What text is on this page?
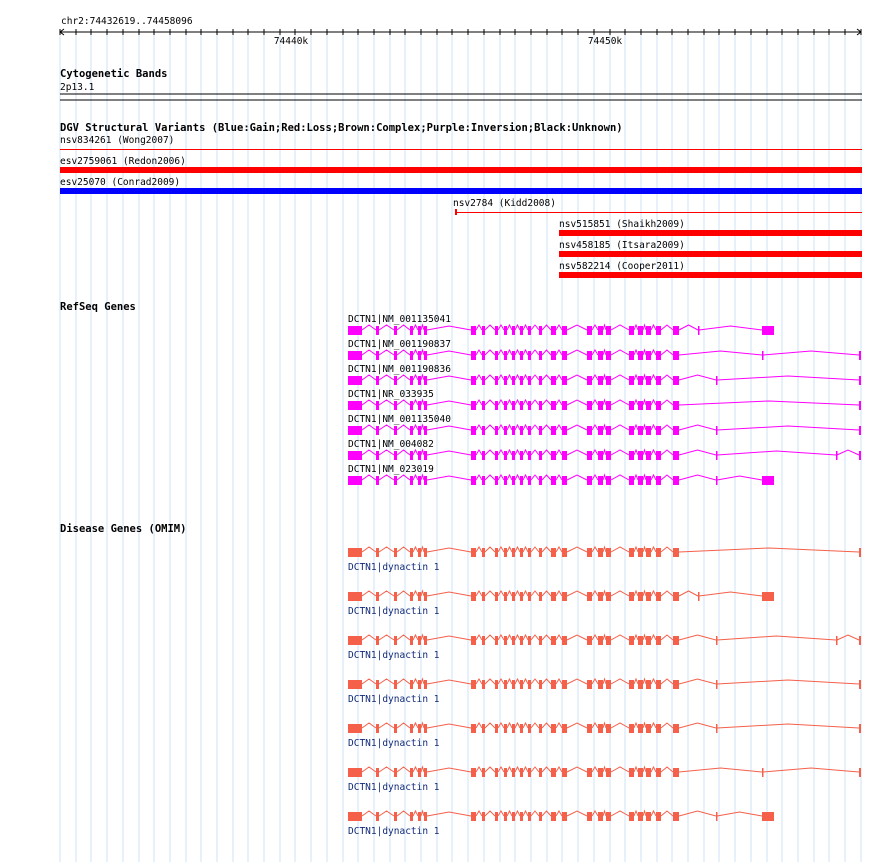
chr2:74432619..74458096
74440k	74450k
Cytogenetic Bands
2p13.1
DGV Structural Variants (Blue:Gain;Red:Loss;Brown:Complex;Purple:Inversion;Black:Unknown)
nsv834261 (Wong2007)
esv2759061 (Redon2006)
esv25070 (Conrad2009)
nsv2784 (Kidd2008)
nsv515851 (Shaikh2009)
nsv458185 (Itsara2009)
nsv582214 (Cooper2011)
RefSeq Genes
DCTN1|NM_001135041
DCTN1|NM_001190837
DCTN1|NM_001190836
DCTN1|NR_033935
DCTN1|NM_001135040
DCTN1|NM_004082
DCTN1|NM_023019
Disease Genes (OMIM)
DCTN1|dynactin 1
DCTN1|dynactin 1
DCTN1|dynactin 1
DCTN1|dynactin 1
DCTN1|dynactin 1
DCTN1|dynactin 1
DCTN1|dynactin 1
